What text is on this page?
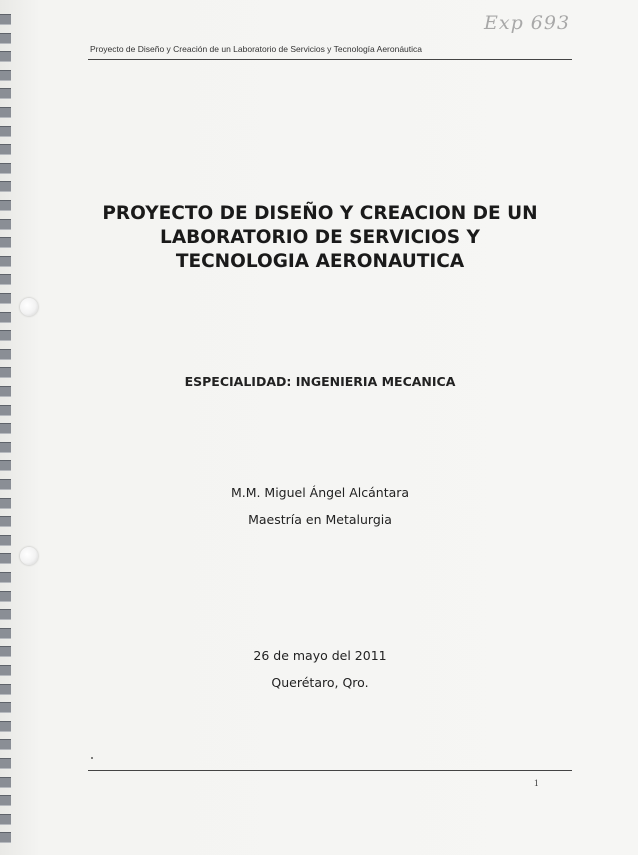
Exp 693
Proyecto de Diseño y Creación de un Laboratorio de Servicios y Tecnología Aeronáutica
PROYECTO DE DISEÑO Y CREACION DE UN
LABORATORIO DE SERVICIOS Y
TECNOLOGIA AERONAUTICA
ESPECIALIDAD: INGENIERIA MECANICA
M.M. Miguel Ángel Alcántara
Maestría en Metalurgia
26 de mayo del 2011
Querétaro, Qro.
1
